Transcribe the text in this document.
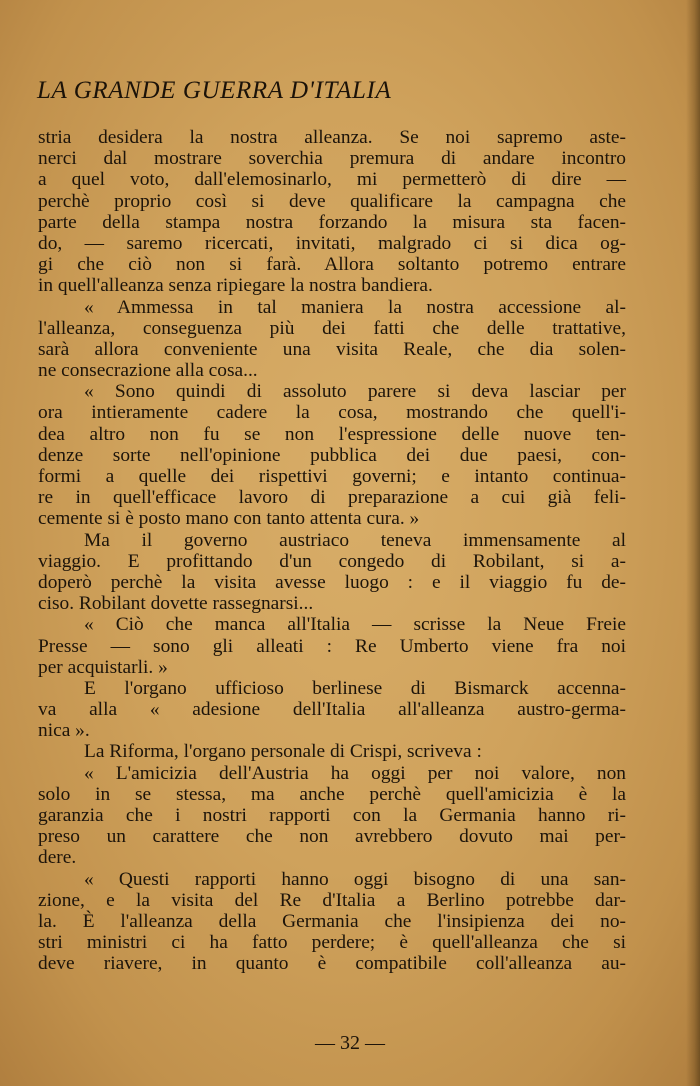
LA GRANDE GUERRA D'ITALIA
stria desidera la nostra alleanza. Se noi sapremo aste-
nerci dal mostrare soverchia premura di andare incontro
a quel voto, dall'elemosinarlo, mi permetterò di dire —
perchè proprio così si deve qualificare la campagna che
parte della stampa nostra forzando la misura sta facen-
do, — saremo ricercati, invitati, malgrado ci si dica og-
gi che ciò non si farà. Allora soltanto potremo entrare
in quell'alleanza senza ripiegare la nostra bandiera.
« Ammessa in tal maniera la nostra accessione al-
l'alleanza, conseguenza più dei fatti che delle trattative,
sarà allora conveniente una visita Reale, che dia solen-
ne consecrazione alla cosa...
« Sono quindi di assoluto parere si deva lasciar per
ora intieramente cadere la cosa, mostrando che quell'i-
dea altro non fu se non l'espressione delle nuove ten-
denze sorte nell'opinione pubblica dei due paesi, con-
formi a quelle dei rispettivi governi; e intanto continua-
re in quell'efficace lavoro di preparazione a cui già feli-
cemente si è posto mano con tanto attenta cura. »
Ma il governo austriaco teneva immensamente al
viaggio. E profittando d'un congedo di Robilant, si a-
doperò perchè la visita avesse luogo : e il viaggio fu de-
ciso. Robilant dovette rassegnarsi...
« Ciò che manca all'Italia — scrisse la Neue Freie
Presse — sono gli alleati : Re Umberto viene fra noi
per acquistarli. »
E l'organo ufficioso berlinese di Bismarck accenna-
va alla « adesione dell'Italia all'alleanza austro-germa-
nica ».
La Riforma, l'organo personale di Crispi, scriveva :
« L'amicizia dell'Austria ha oggi per noi valore, non
solo in se stessa, ma anche perchè quell'amicizia è la
garanzia che i nostri rapporti con la Germania hanno ri-
preso un carattere che non avrebbero dovuto mai per-
dere.
« Questi rapporti hanno oggi bisogno di una san-
zione, e la visita del Re d'Italia a Berlino potrebbe dar-
la. È l'alleanza della Germania che l'insipienza dei no-
stri ministri ci ha fatto perdere; è quell'alleanza che si
deve riavere, in quanto è compatibile coll'alleanza au-
— 32 —
